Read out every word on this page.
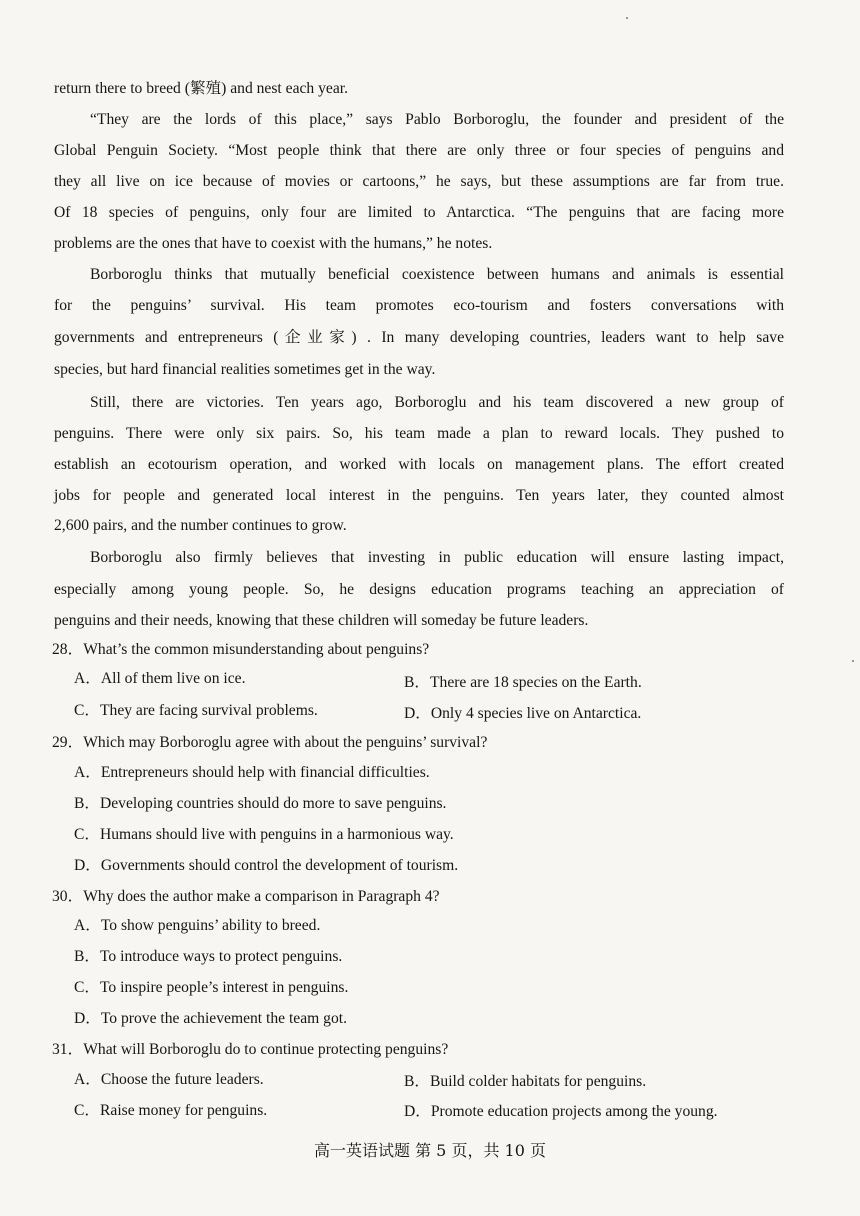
return there to breed (繁殖) and nest each year.
“They are the lords of this place,” says Pablo Borboroglu, the founder and president of the
Global Penguin Society. “Most people think that there are only three or four species of penguins and
they all live on ice because of movies or cartoons,” he says, but these assumptions are far from true.
Of 18 species of penguins, only four are limited to Antarctica. “The penguins that are facing more
problems are the ones that have to coexist with the humans,” he notes.
Borboroglu thinks that mutually beneficial coexistence between humans and animals is essential
for the penguins’ survival. His team promotes eco-tourism and fosters conversations with
governments and entrepreneurs (企业家) . In many developing countries, leaders want to help save
species, but hard financial realities sometimes get in the way.
Still, there are victories. Ten years ago, Borboroglu and his team discovered a new group of
penguins. There were only six pairs. So, his team made a plan to reward locals. They pushed to
establish an ecotourism operation, and worked with locals on management plans. The effort created
jobs for people and generated local interest in the penguins. Ten years later, they counted almost
2,600 pairs, and the number continues to grow.
Borboroglu also firmly believes that investing in public education will ensure lasting impact,
especially among young people. So, he designs education programs teaching an appreciation of
penguins and their needs, knowing that these children will someday be future leaders.
28．What’s the common misunderstanding about penguins?
A．All of them live on ice.	B．There are 18 species on the Earth.
C．They are facing survival problems.	D．Only 4 species live on Antarctica.
29．Which may Borboroglu agree with about the penguins’ survival?
A．Entrepreneurs should help with financial difficulties.
B．Developing countries should do more to save penguins.
C．Humans should live with penguins in a harmonious way.
D．Governments should control the development of tourism.
30．Why does the author make a comparison in Paragraph 4?
A．To show penguins’ ability to breed.
B．To introduce ways to protect penguins.
C．To inspire people’s interest in penguins.
D．To prove the achievement the team got.
31．What will Borboroglu do to continue protecting penguins?
A．Choose the future leaders.	B．Build colder habitats for penguins.
C．Raise money for penguins.	D．Promote education projects among the young.
高一英语试题 第 5 页，共 10 页
